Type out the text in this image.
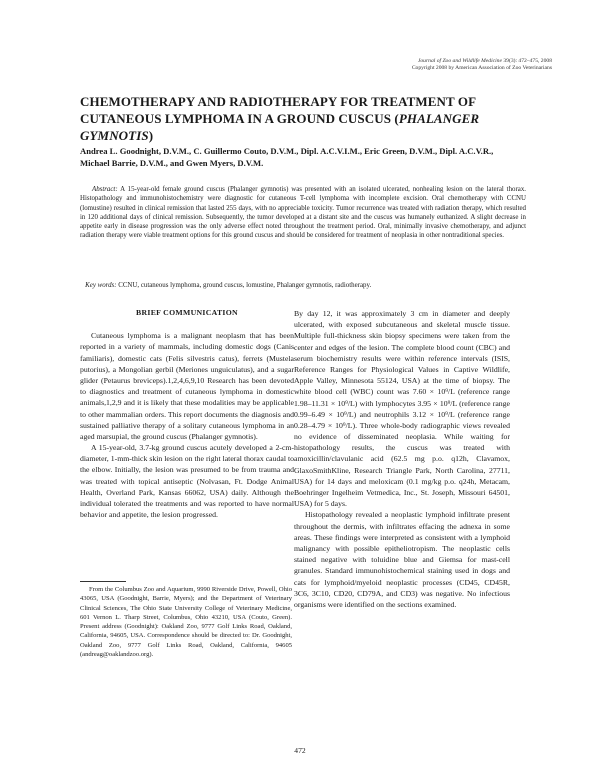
Journal of Zoo and Wildlife Medicine 39(3): 472–475, 2008
Copyright 2008 by American Association of Zoo Veterinarians
CHEMOTHERAPY AND RADIOTHERAPY FOR TREATMENT OF CUTANEOUS LYMPHOMA IN A GROUND CUSCUS (PHALANGER GYMNOTIS)

Andrea L. Goodnight, D.V.M., C. Guillermo Couto, D.V.M., Dipl. A.C.V.I.M., Eric Green, D.V.M., Dipl. A.C.V.R., Michael Barrie, D.V.M., and Gwen Myers, D.V.M.

Abstract: A 15-year-old female ground cuscus (Phalanger gymnotis) was presented with an isolated ulcerated, nonhealing lesion on the lateral thorax. Histopathology and immunohistochemistry were diagnostic for cutaneous T-cell lymphoma with incomplete excision. Oral chemotherapy with CCNU (lomustine) resulted in clinical remission that lasted 255 days, with no appreciable toxicity. Tumor recurrence was treated with radiation therapy, which resulted in 120 additional days of clinical remission. Subsequently, the tumor developed at a distant site and the cuscus was humanely euthanized. A slight decrease in appetite early in disease progression was the only adverse effect noted throughout the treatment period. Oral, minimally invasive chemotherapy, and adjunct radiation therapy were viable treatment options for this ground cuscus and should be considered for treatment of neoplasia in other nontraditional species.

Key words: CCNU, cutaneous lymphoma, ground cuscus, lomustine, Phalanger gymnotis, radiotherapy.

BRIEF COMMUNICATION

Cutaneous lymphoma is a malignant neoplasm that has been reported in a variety of mammals, including domestic dogs (Canis familiaris), domestic cats (Felis silvestris catus), ferrets (Mustela putorius), a Mongolian gerbil (Meriones unguiculatus), and a sugar glider (Petaurus breviceps).1,2,4,6,9,10 Research has been devoted to diagnostics and treatment of cutaneous lymphoma in domestic animals,1,2,9 and it is likely that these modalities may be applicable to other mammalian orders. This report documents the diagnosis and sustained palliative therapy of a solitary cutaneous lymphoma in an aged marsupial, the ground cuscus (Phalanger gymnotis).

A 15-year-old, 3.7-kg ground cuscus acutely developed a 2-cm-diameter, 1-mm-thick skin lesion on the right lateral thorax caudal to the elbow. Initially, the lesion was presumed to be from trauma and was treated with topical antiseptic (Nolvasan, Ft. Dodge Animal Health, Overland Park, Kansas 66062, USA) daily. Although the individual tolerated the treatments and was reported to have normal behavior and appetite, the lesion progressed.

From the Columbus Zoo and Aquarium, 9990 Riverside Drive, Powell, Ohio 43065, USA (Goodnight, Barrie, Myers); and the Department of Veterinary Clinical Sciences, The Ohio State University College of Veterinary Medicine, 601 Vernon L. Tharp Street, Columbus, Ohio 43210, USA (Couto, Green). Present address (Goodnight): Oakland Zoo, 9777 Golf Links Road, Oakland, California, 94605, USA. Correspondence should be directed to: Dr. Goodnight, Oakland Zoo, 9777 Golf Links Road, Oakland, California, 94605 (andreag@oaklandzoo.org).

By day 12, it was approximately 3 cm in diameter and deeply ulcerated, with exposed subcutaneous and skeletal muscle tissue. Multiple full-thickness skin biopsy specimens were taken from the center and edges of the lesion. The complete blood count (CBC) and serum biochemistry results were within reference intervals (ISIS, Reference Ranges for Physiological Values in Captive Wildlife, Apple Valley, Minnesota 55124, USA) at the time of biopsy. The white blood cell (WBC) count was 7.60 × 10⁹/L (reference range 1.98–11.31 × 10⁹/L) with lymphocytes 3.95 × 10⁹/L (reference range 0.99–6.49 × 10⁹/L) and neutrophils 3.12 × 10⁹/L (reference range 0.28–4.79 × 10⁹/L). Three whole-body radiographic views revealed no evidence of disseminated neoplasia. While waiting for histopathology results, the cuscus was treated with amoxicillin/clavulanic acid (62.5 mg p.o. q12h, Clavamox, GlaxoSmithKline, Research Triangle Park, North Carolina, 27711, USA) for 14 days and meloxicam (0.1 mg/kg p.o. q24h, Metacam, Boehringer Ingelheim Vetmedica, Inc., St. Joseph, Missouri 64501, USA) for 5 days.

Histopathology revealed a neoplastic lymphoid infiltrate present throughout the dermis, with infiltrates effacing the adnexa in some areas. These findings were interpreted as consistent with a lymphoid malignancy with possible epitheliotropism. The neoplastic cells stained negative with toluidine blue and Giemsa for mast-cell granules. Standard immunohistochemical staining used in dogs and cats for lymphoid/myeloid neoplastic processes (CD45, CD45R, 3C6, 3C10, CD20, CD79A, and CD3) was negative. No infectious organisms were identified on the sections examined.

472
